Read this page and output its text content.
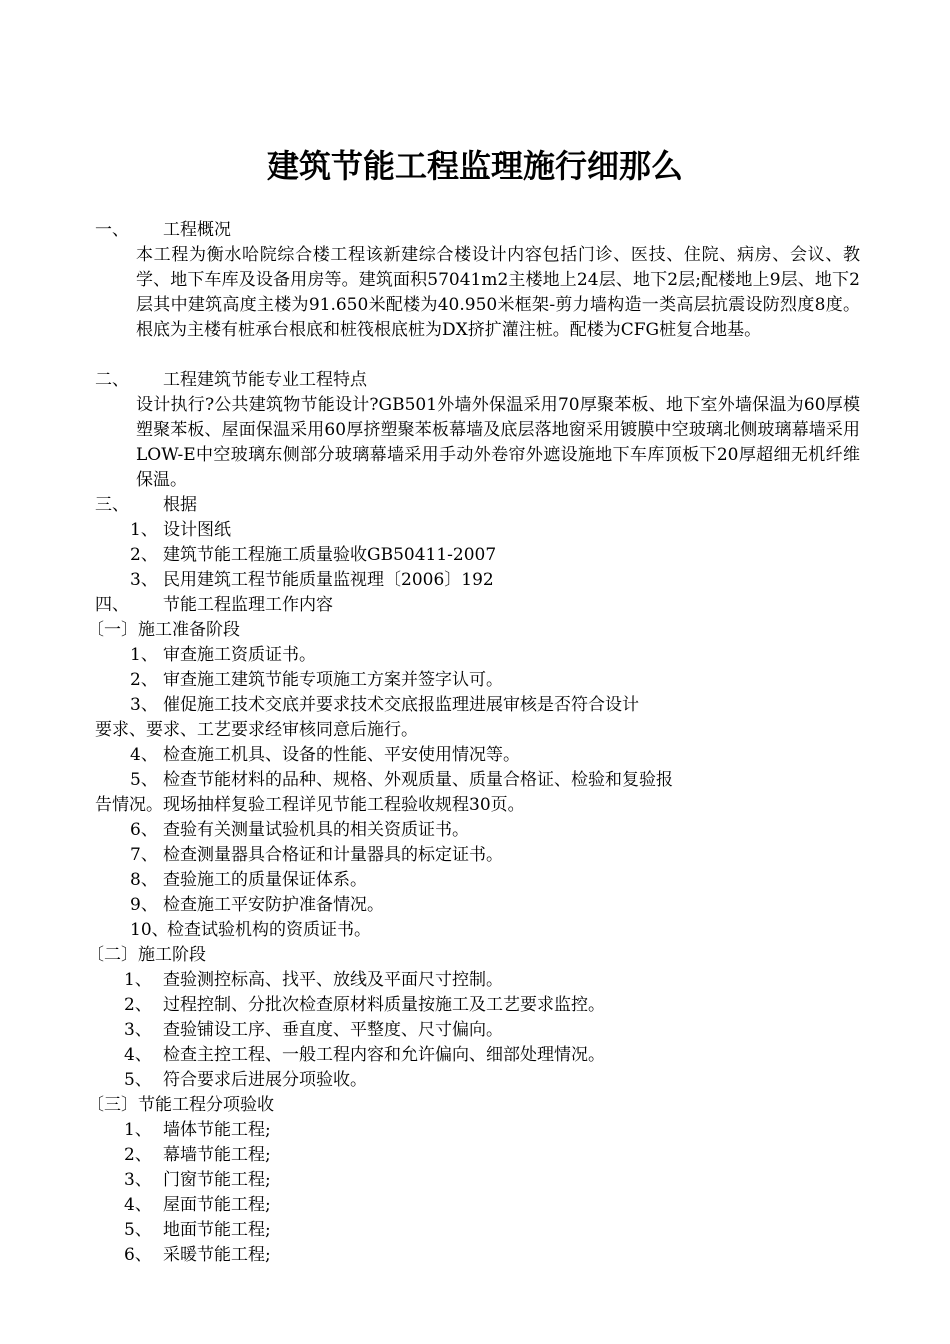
建筑节能工程监理施行细那么
一、 工程概况
本工程为衡水哈院综合楼工程该新建综合楼设计内容包括门诊、医技、住院、病房、会议、教学、地下车库及设备用房等。建筑面积57041m2主楼地上24层、地下2层;配楼地上9层、地下2层其中建筑高度主楼为91.650米配楼为40.950米框架-剪力墙构造一类高层抗震设防烈度8度。根底为主楼有桩承台根底和桩筏根底桩为DX挤扩灌注桩。配楼为CFG桩复合地基。
二、 工程建筑节能专业工程特点
设计执行?公共建筑物节能设计?GB501外墙外保温采用70厚聚苯板、地下室外墙保温为60厚模塑聚苯板、屋面保温采用60厚挤塑聚苯板幕墙及底层落地窗采用镀膜中空玻璃北侧玻璃幕墙采用LOW-E中空玻璃东侧部分玻璃幕墙采用手动外卷帘外遮设施地下车库顶板下20厚超细无机纤维保温。
三、 根据
1、 设计图纸
2、 建筑节能工程施工质量验收GB50411-2007
3、 民用建筑工程节能质量监视理〔2006〕192
四、 节能工程监理工作内容
〔一〕施工准备阶段
1、 审查施工资质证书。
2、 审查施工建筑节能专项施工方案并签字认可。
3、 催促施工技术交底并要求技术交底报监理进展审核是否符合设计
要求、要求、工艺要求经审核同意后施行。
4、 检查施工机具、设备的性能、平安使用情况等。
5、 检查节能材料的品种、规格、外观质量、质量合格证、检验和复验报
告情况。现场抽样复验工程详见节能工程验收规程30页。
6、 查验有关测量试验机具的相关资质证书。
7、 检查测量器具合格证和计量器具的标定证书。
8、 查验施工的质量保证体系。
9、 检查施工平安防护准备情况。
10、
检查试验机构的资质证书。
〔二〕施工阶段
1、 查验测控标高、找平、放线及平面尺寸控制。
2、 过程控制、分批次检查原材料质量按施工及工艺要求监控。
3、 查验铺设工序、垂直度、平整度、尺寸偏向。
4、 检查主控工程、一般工程内容和允许偏向、细部处理情况。
5、 符合要求后进展分项验收。
〔三〕节能工程分项验收
1、 墙体节能工程;
2、 幕墙节能工程;
3、 门窗节能工程;
4、 屋面节能工程;
5、 地面节能工程;
6、 采暖节能工程;
